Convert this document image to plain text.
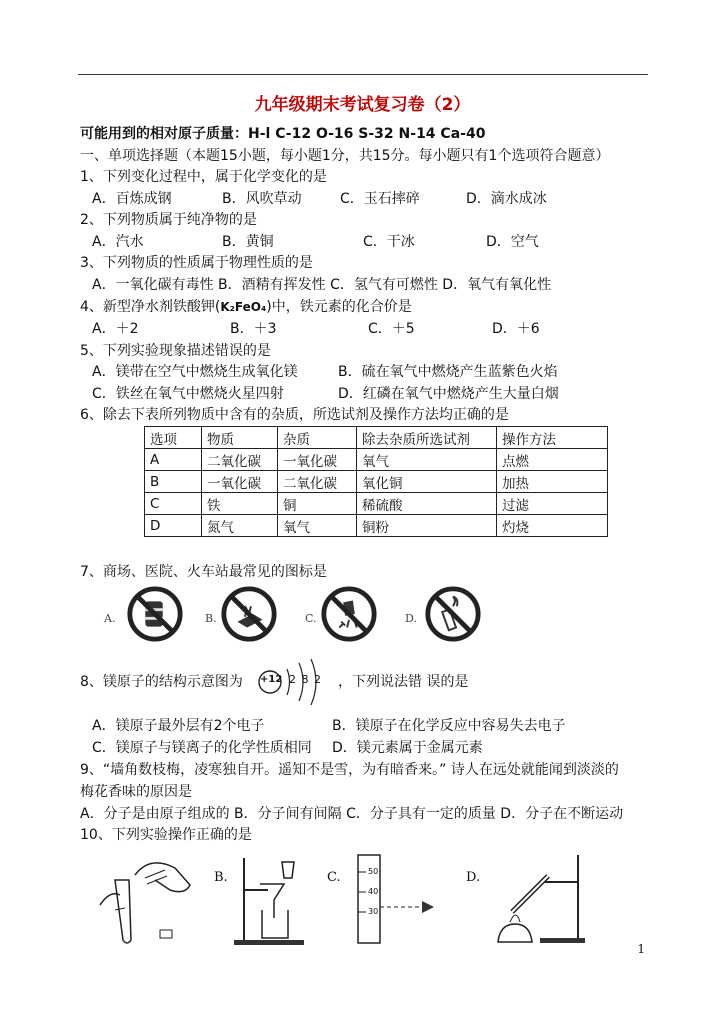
九年级期末考试复习卷（2）
可能用到的相对原子质量：H-l C-12 O-16 S-32 N-14 Ca-40
一、单项选择题（本题15小题，每小题1分，共15分。每小题只有1个选项符合题意）
1、下列变化过程中，属于化学变化的是
A．百炼成钢	B．风吹草动	C．玉石摔碎	D．滴水成冰
2、下列物质属于纯净物的是
A．汽水	B．黄铜	C．干冰	D．空气
3、下列物质的性质属于物理性质的是
A．一氧化碳有毒性 B．酒精有挥发性 C．氢气有可燃性 D．氧气有氧化性
4、新型净水剂铁酸钾(K₂FeO₄)中，铁元素的化合价是
A．＋2	B．＋3	C．＋5	D．＋6
5、下列实验现象描述错误的是
A．镁带在空气中燃烧生成氧化镁	B．硫在氧气中燃烧产生蓝紫色火焰
C．铁丝在氧气中燃烧火星四射	D．红磷在氧气中燃烧产生大量白烟
6、除去下表所列物质中含有的杂质，所选试剂及操作方法均正确的是
选项	物质	杂质	除去杂质所选试剂	操作方法
A	二氧化碳	一氧化碳	氧气	点燃
B	一氧化碳	二氧化碳	氧化铜	加热
C	铁	铜	稀硫酸	过滤
D	氮气	氧气	铜粉	灼烧
7、商场、医院、火车站最常见的图标是
A.	B.	C.	D.
8、镁原子的结构示意图为 +12 2 8 2 ，下列说法错 误的是
A．镁原子最外层有2个电子	B．镁原子在化学反应中容易失去电子
C．镁原子与镁离子的化学性质相同 D．镁元素属于金属元素
9、“墙角数枝梅，凌寒独自开。遥知不是雪，为有暗香来。” 诗人在远处就能闻到淡淡的
梅花香味的原因是
A．分子是由原子组成的 B．分子间有间隔 C．分子具有一定的质量 D．分子在不断运动
10、下列实验操作正确的是
B.	C.	50
40
30
D.
1
